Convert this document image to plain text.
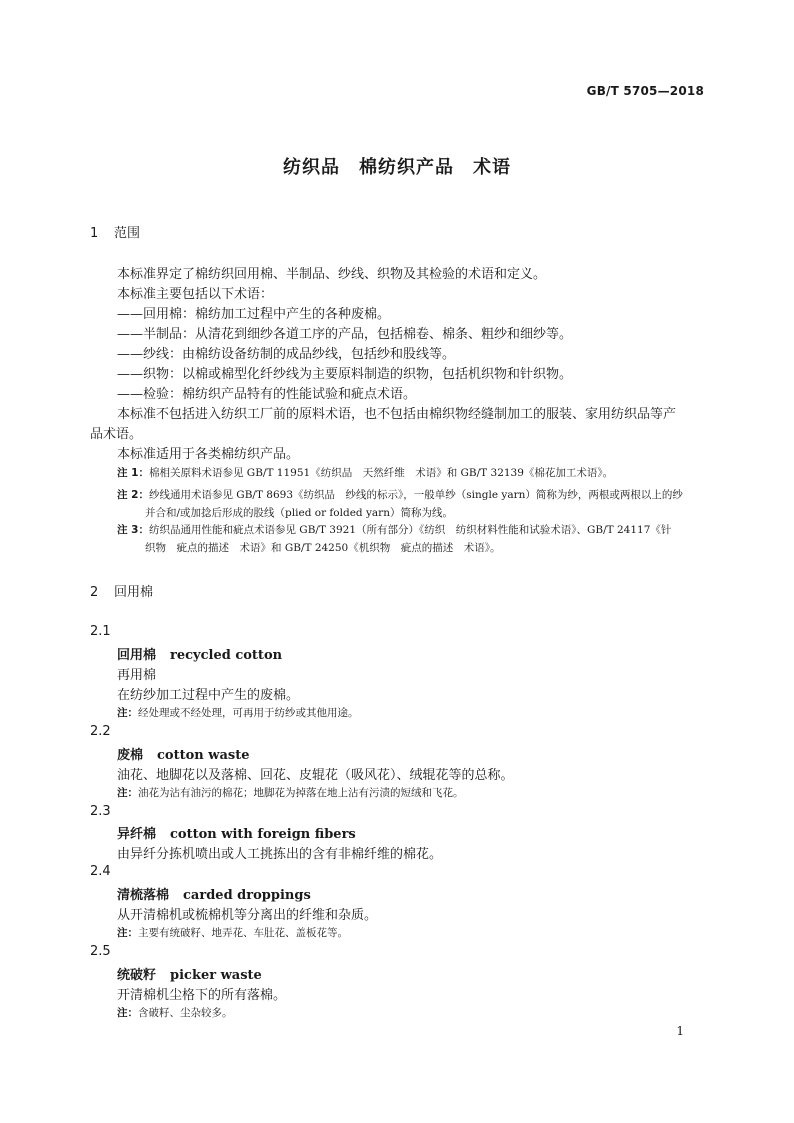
GB/T 5705—2018
纺织品　棉纺织产品　术语
1 范围
本标准界定了棉纺织回用棉、半制品、纱线、织物及其检验的术语和定义。
本标准主要包括以下术语：
——回用棉：棉纺加工过程中产生的各种废棉。
——半制品：从清花到细纱各道工序的产品，包括棉卷、棉条、粗纱和细纱等。
——纱线：由棉纺设备纺制的成品纱线，包括纱和股线等。
——织物：以棉或棉型化纤纱线为主要原料制造的织物，包括机织物和针织物。
——检验：棉纺织产品特有的性能试验和疵点术语。
本标准不包括进入纺织工厂前的原料术语，也不包括由棉织物经缝制加工的服装、家用纺织品等产
品术语。
本标准适用于各类棉纺织产品。
注 1：棉相关原料术语参见 GB/T 11951《纺织品　天然纤维　术语》和 GB/T 32139《棉花加工术语》。
注 2：纱线通用术语参见 GB/T 8693《纺织品　纱线的标示》，一般单纱（single yarn）简称为纱，两根或两根以上的纱
并合和/或加捻后形成的股线（plied or folded yarn）简称为线。
注 3：纺织品通用性能和疵点术语参见 GB/T 3921（所有部分）《纺织　纺织材料性能和试验术语》、GB/T 24117《针
织物　疵点的描述　术语》和 GB/T 24250《机织物　疵点的描述　术语》。
2 回用棉
2.1
回用棉 recycled cotton
再用棉
在纺纱加工过程中产生的废棉。
注：经处理或不经处理，可再用于纺纱或其他用途。
2.2
废棉 cotton waste
油花、地脚花以及落棉、回花、皮辊花（吸风花）、绒辊花等的总称。
注：油花为沾有油污的棉花；地脚花为掉落在地上沾有污渍的短绒和飞花。
2.3
异纤棉 cotton with foreign fibers
由异纤分拣机喷出或人工挑拣出的含有非棉纤维的棉花。
2.4
清梳落棉 carded droppings
从开清棉机或梳棉机等分离出的纤维和杂质。
注：主要有统破籽、地弄花、车肚花、盖板花等。
2.5
统破籽 picker waste
开清棉机尘格下的所有落棉。
注：含破籽、尘杂较多。
1
